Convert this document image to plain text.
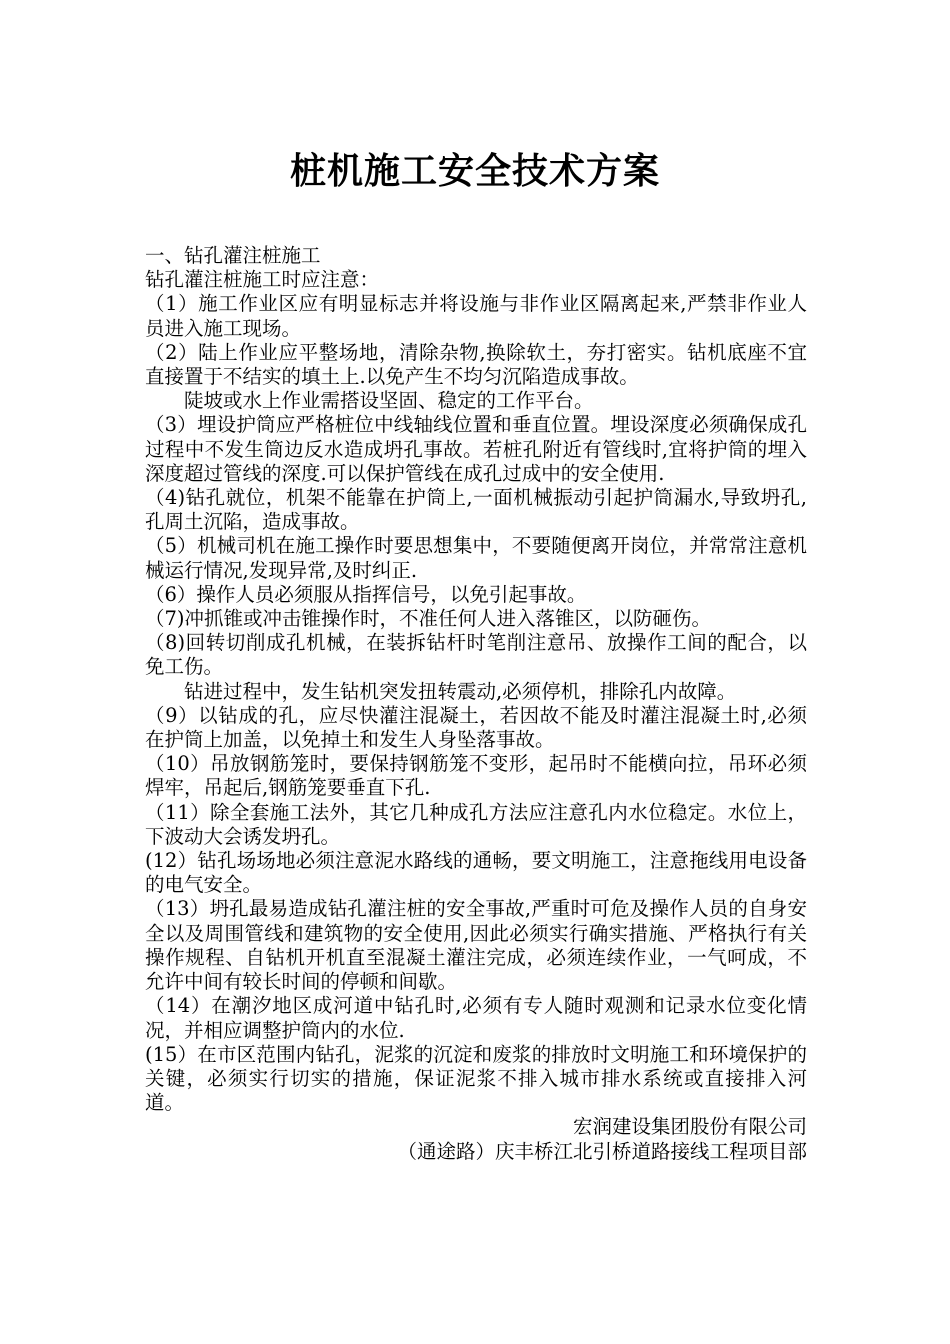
桩机施工安全技术方案

一、钻孔灌注桩施工

钻孔灌注桩施工时应注意：

（1）施工作业区应有明显标志并将设施与非作业区隔离起来,严禁非作业人员进入施工现场。

（2）陆上作业应平整场地，清除杂物,换除软土，夯打密实。钻机底座不宜直接置于不结实的填土上.以免产生不均匀沉陷造成事故。

陡坡或水上作业需搭设坚固、稳定的工作平台。

（3）埋设护筒应严格桩位中线轴线位置和垂直位置。埋设深度必须确保成孔过程中不发生筒边反水造成坍孔事故。若桩孔附近有管线时,宜将护筒的埋入深度超过管线的深度.可以保护管线在成孔过成中的安全使用.

（4)钻孔就位，机架不能靠在护筒上,一面机械振动引起护筒漏水,导致坍孔,孔周土沉陷，造成事故。

（5）机械司机在施工操作时要思想集中，不要随便离开岗位，并常常注意机械运行情况,发现异常,及时纠正.

（6）操作人员必须服从指挥信号，以免引起事故。

（7)冲抓锥或冲击锥操作时，不准任何人进入落锥区，以防砸伤。

（8)回转切削成孔机械，在装拆钻杆时笔削注意吊、放操作工间的配合，以免工伤。

钻进过程中，发生钻机突发扭转震动,必须停机，排除孔内故障。

（9）以钻成的孔，应尽快灌注混凝土，若因故不能及时灌注混凝土时,必须在护筒上加盖，以免掉土和发生人身坠落事故。

（10）吊放钢筋笼时，要保持钢筋笼不变形，起吊时不能横向拉，吊环必须焊牢，吊起后,钢筋笼要垂直下孔.

（11）除全套施工法外，其它几种成孔方法应注意孔内水位稳定。水位上，下波动大会诱发坍孔。

(12）钻孔场场地必须注意泥水路线的通畅，要文明施工，注意拖线用电设备的电气安全。

（13）坍孔最易造成钻孔灌注桩的安全事故,严重时可危及操作人员的自身安全以及周围管线和建筑物的安全使用,因此必须实行确实措施、严格执行有关操作规程、自钻机开机直至混凝土灌注完成，必须连续作业，一气呵成，不允许中间有较长时间的停顿和间歇。

（14）在潮汐地区成河道中钻孔时,必须有专人随时观测和记录水位变化情况，并相应调整护筒内的水位.

(15）在市区范围内钻孔，泥浆的沉淀和废浆的排放时文明施工和环境保护的关键，必须实行切实的措施，保证泥浆不排入城市排水系统或直接排入河道。

宏润建设集团股份有限公司

（通途路）庆丰桥江北引桥道路接线工程项目部
